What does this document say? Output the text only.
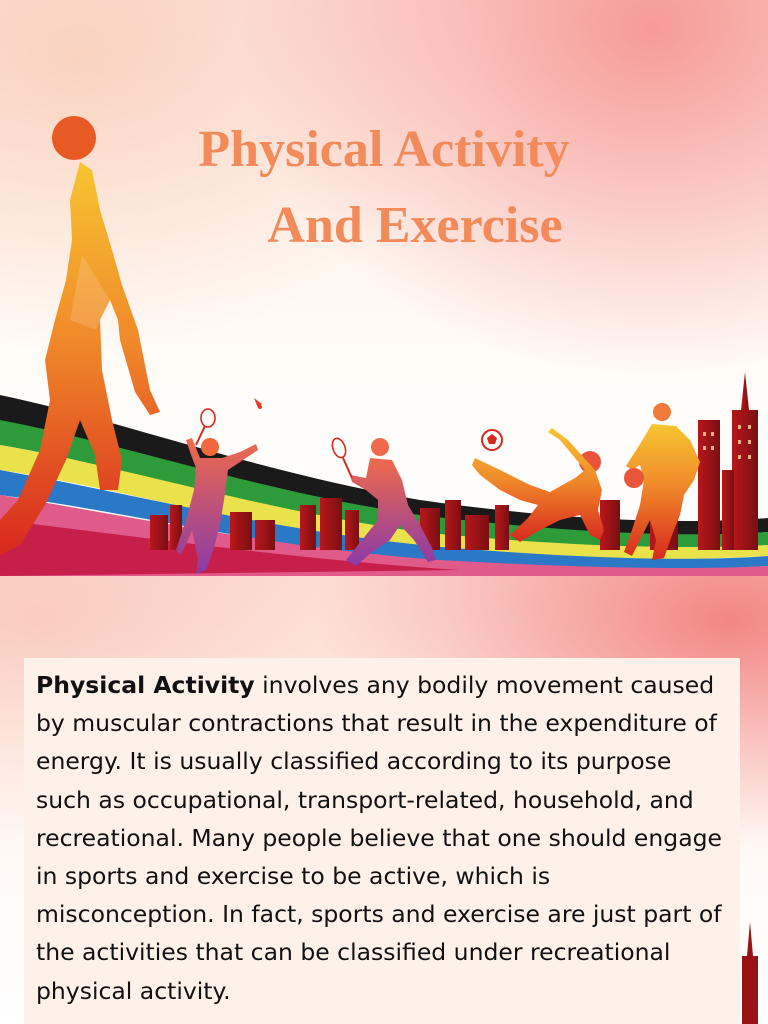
Physical Activity
And Exercise
Physical Activity involves any bodily movement caused by muscular contractions that result in the expenditure of energy. It is usually classified according to its purpose such as occupational, transport-related, household, and recreational. Many people believe that one should engage in sports and exercise to be active, which is misconception. In fact, sports and exercise are just part of the activities that can be classified under recreational physical activity.
